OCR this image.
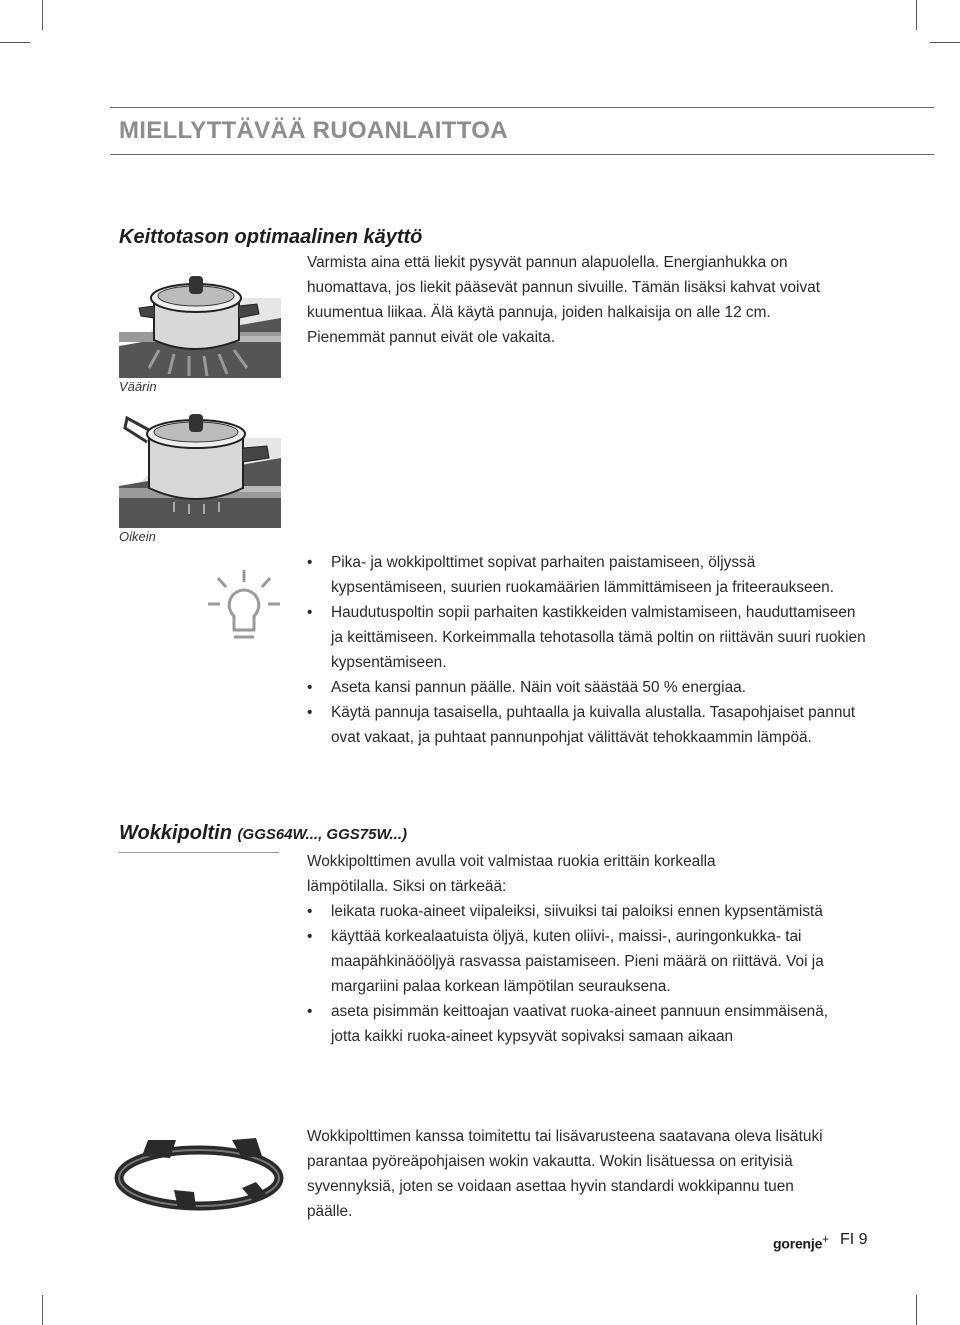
MIELLYTTÄVÄÄ RUOANLAITTOA
Keittotason optimaalinen käyttö

Varmista aina että liekit pysyvät pannun alapuolella. Energianhukka on huomattava, jos liekit pääsevät pannun sivuille. Tämän lisäksi kahvat voivat kuumentua liikaa. Älä käytä pannuja, joiden halkaisija on alle 12 cm. Pienemmät pannut eivät ole vakaita.

Väärin
Oikein
• Pika- ja wokkipolttimet sopivat parhaiten paistamiseen, öljyssä kypsentämiseen, suurien ruokamäärien lämmittämiseen ja friteeraukseen.
• Haudutuspoltin sopii parhaiten kastikkeiden valmistamiseen, hauduttamiseen ja keittämiseen. Korkeimmalla tehotasolla tämä poltin on riittävän suuri ruokien kypsentämiseen.
• Aseta kansi pannun päälle. Näin voit säästää 50 % energiaa.
• Käytä pannuja tasaisella, puhtaalla ja kuivalla alustalla. Tasapohjaiset pannut ovat vakaat, ja puhtaat pannunpohjat välittävät tehokkaammin lämpöä.
Wokkipoltin (GGS64W..., GGS75W...)

Wokkipolttimen avulla voit valmistaa ruokia erittäin korkealla lämpötilalla. Siksi on tärkeää:

• leikata ruoka-aineet viipaleiksi, siivuiksi tai paloiksi ennen kypsentämistä
• käyttää korkealaatuista öljyä, kuten oliivi-, maissi-, auringonkukka- tai maapähkinäööljyä rasvassa paistamiseen. Pieni määrä on riittävä. Voi ja margariini palaa korkean lämpötilan seurauksena.
• aseta pisimmän keittoajan vaativat ruoka-aineet pannuun ensimmäisenä, jotta kaikki ruoka-aineet kypsyvät sopivaksi samaan aikaan

Wokkipolttimen kanssa toimitettu tai lisävarusteena saatavana oleva lisätuki parantaa pyöreäpohjaisen wokin vakautta. Wokin lisätuessa on erityisiä syvennyksiä, joten se voidaan asettaa hyvin standardi wokkipannu tuen päälle.

gorenje+ FI 9
